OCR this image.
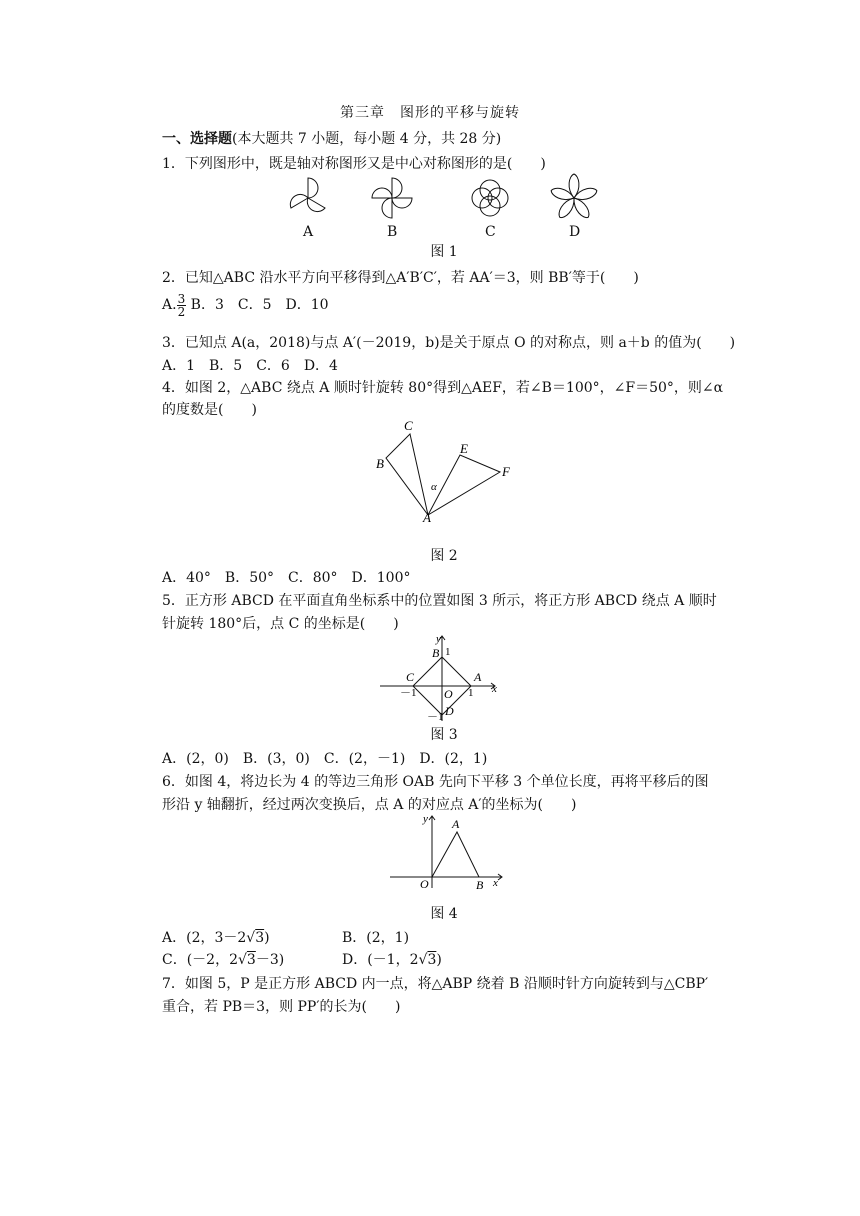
第三章　图形的平移与旋转
一、选择题(本大题共 7 小题，每小题 4 分，共 28 分)
1．下列图形中，既是轴对称图形又是中心对称图形的是(　　)
A	B	C	D
图 1
2．已知△ABC 沿水平方向平移得到△A′B′C′，若 AA′＝3，则 BB′等于(　　)
A. $\frac{3}{2}$ B．3　C．5　D．10
3．已知点 A(a，2018)与点 A′(－2019，b)是关于原点 O 的对称点，则 a＋b 的值为(　　)
A．1　B．5　C．6　D．4
4．如图 2，△ABC 绕点 A 顺时针旋转 80°得到△AEF，若∠B＝100°，∠F＝50°，则∠α
的度数是(　　)
C
B
E
F
A
α
图 2
A．40°　B．50°　C．80°　D．100°
5．正方形 ABCD 在平面直角坐标系中的位置如图 3 所示，将正方形 ABCD 绕点 A 顺时
针旋转 180°后，点 C 的坐标是(　　)
y
x
B 1
C	A
O
－1	1
－1 D
图 3
A．(2，0)　B．(3，0)　C．(2，－1)　D．(2，1)
6．如图 4，将边长为 4 的等边三角形 OAB 先向下平移 3 个单位长度，再将平移后的图
形沿 y 轴翻折，经过两次变换后，点 A 的对应点 A′的坐标为(　　)
y A
O	B x
图 4
A．(2，3－2√3)	B．(2，1)
C．(－2，2√3－3)	D．(－1，2√3)
7．如图 5，P 是正方形 ABCD 内一点，将△ABP 绕着 B 沿顺时针方向旋转到与△CBP′
重合，若 PB＝3，则 PP′的长为(　　)
